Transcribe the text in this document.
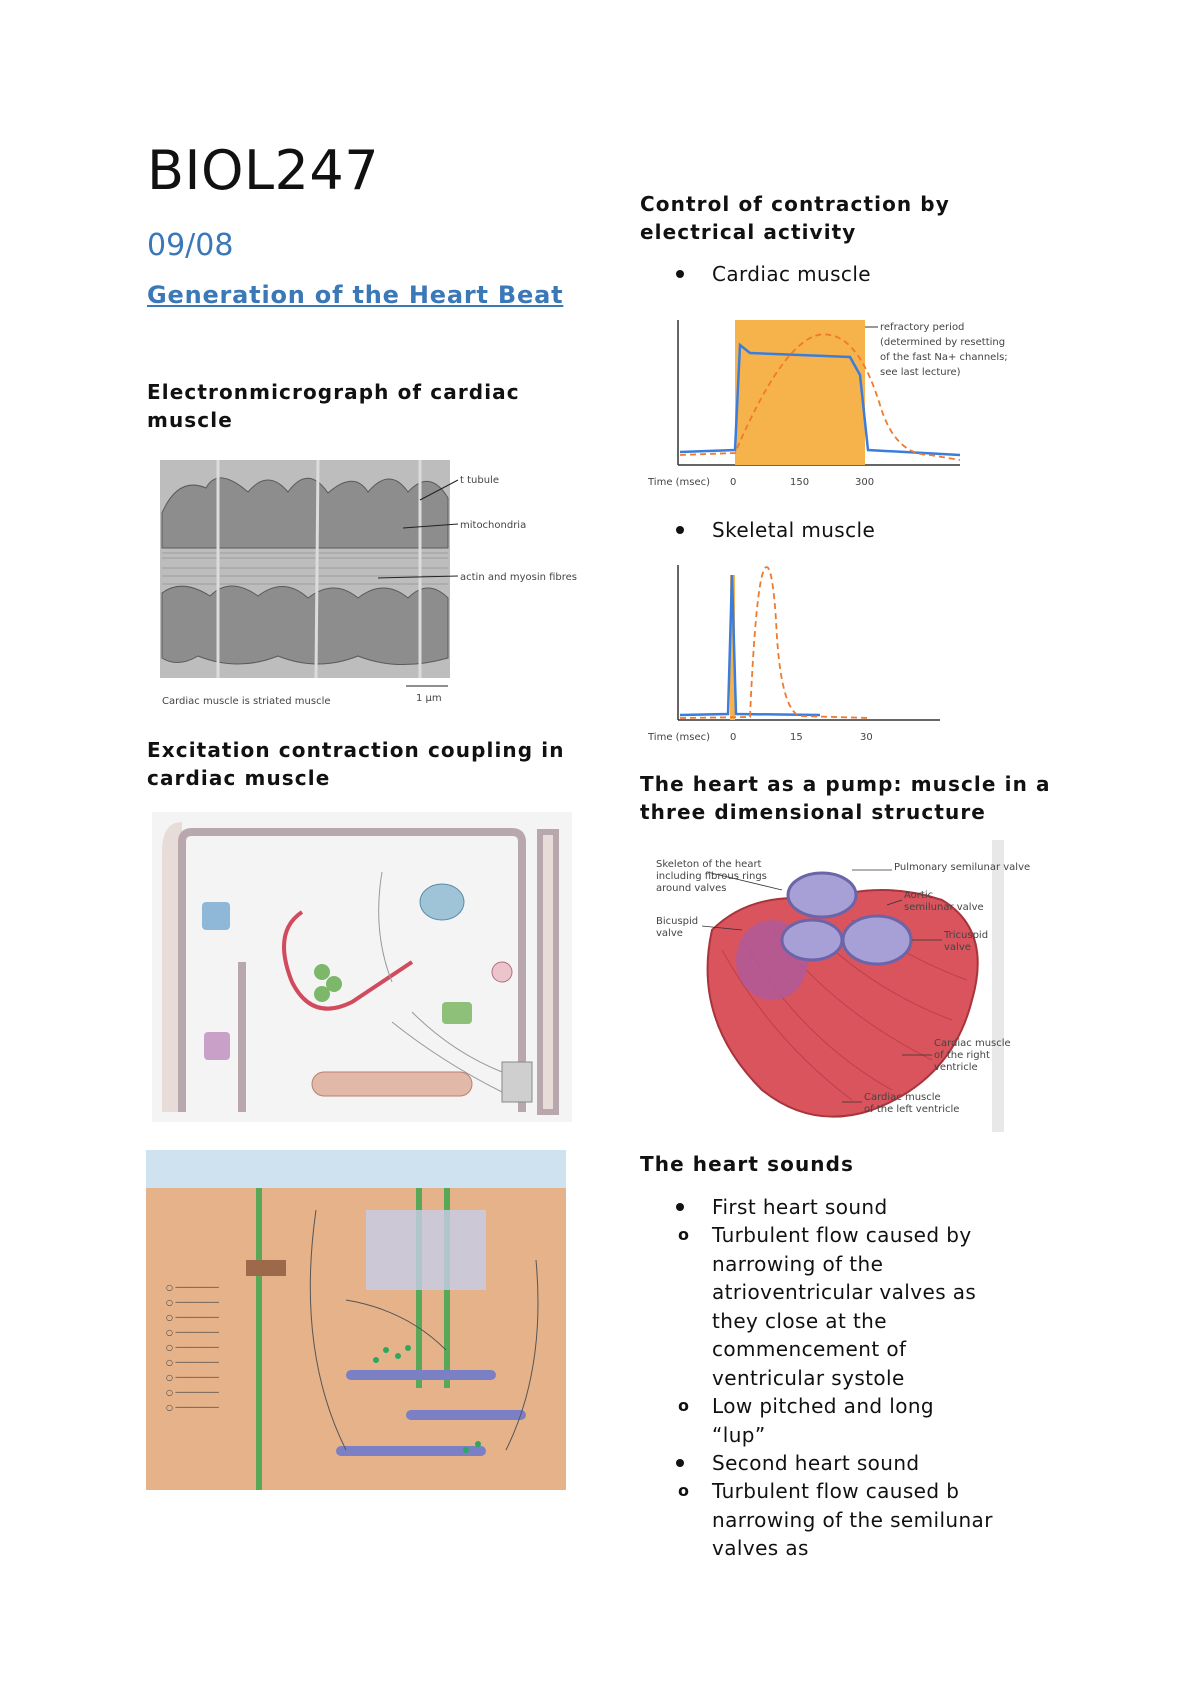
BIOL247
09/08
Generation of the Heart Beat
Electronmicrograph of cardiac muscle
t tubule
mitochondria
actin and myosin fibres
1 μm
Cardiac muscle is striated muscle
Excitation contraction coupling in cardiac muscle
○ ─────────
○ ─────────
○ ─────────
○ ─────────
○ ─────────
○ ─────────
○ ─────────
○ ─────────
○ ─────────
Control of contraction by electrical activity
Cardiac muscle
refractory period
(determined by resetting
of the fast Na+ channels;
see last lecture)
Time (msec) 0	150	300
Skeletal muscle
Time (msec) 0	15	30
The heart as a pump: muscle in a three dimensional structure
Skeleton of the heart
including fibrous rings
around valves
Bicuspid
valve
Pulmonary semilunar valve
Aortic
semilunar valve
Tricuspid
valve
Cardiac muscle
of the right
ventricle
Cardiac muscle
of the left ventricle
The heart sounds
First heart sound
o Turbulent flow caused by narrowing of the atrioventricular valves as they close at the commencement of ventricular systole
o Low pitched and long “lup”
Second heart sound
o Turbulent flow caused b narrowing of the semilunar valves as
